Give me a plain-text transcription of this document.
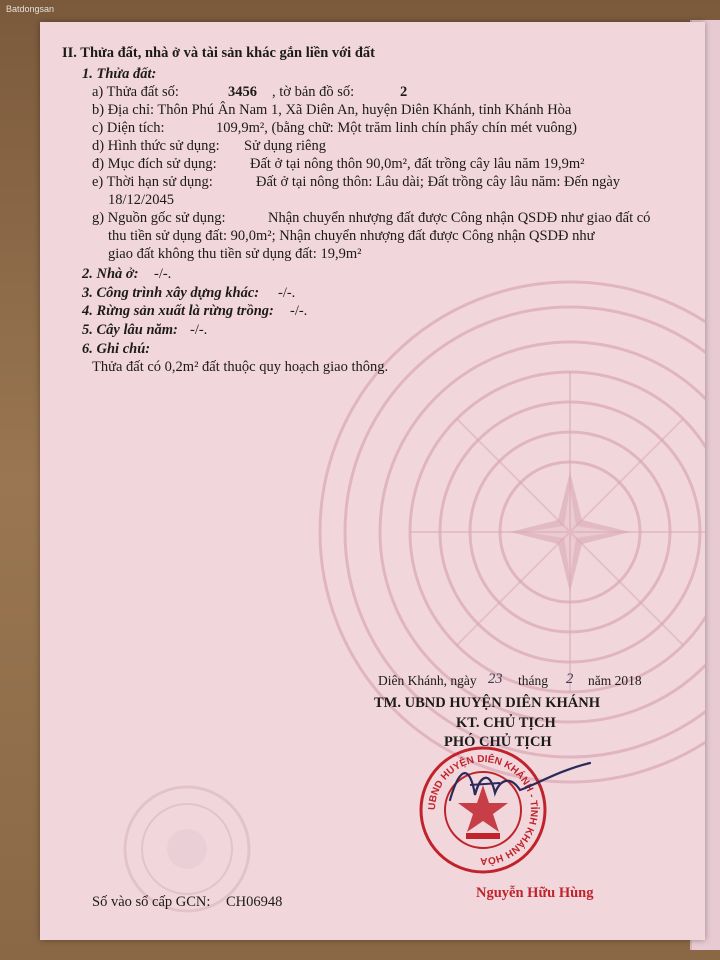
Batdongsan
II. Thửa đất, nhà ở và tài sản khác gắn liền với đất
1. Thửa đất:
a) Thửa đất số:	3456 , tờ bản đồ số:	2
b) Địa chỉ: Thôn Phú Ân Nam 1, Xã Diên An, huyện Diên Khánh, tỉnh Khánh Hòa
c) Diện tích:	109,9m², (bằng chữ: Một trăm linh chín phẩy chín mét vuông)
d) Hình thức sử dụng: Sử dụng riêng
đ) Mục đích sử dụng: Đất ở tại nông thôn 90,0m², đất trồng cây lâu năm 19,9m²
e) Thời hạn sử dụng:	Đất ở tại nông thôn: Lâu dài; Đất trồng cây lâu năm: Đến ngày
18/12/2045
g) Nguồn gốc sử dụng:	Nhận chuyển nhượng đất được Công nhận QSDĐ như giao đất có
thu tiền sử dụng đất: 90,0m²; Nhận chuyển nhượng đất được Công nhận QSDĐ như
giao đất không thu tiền sử dụng đất: 19,9m²
2. Nhà ở: -/-.
3. Công trình xây dựng khác: -/-.
4. Rừng sản xuất là rừng trồng: -/-.
5. Cây lâu năm: -/-.
6. Ghi chú:
Thửa đất có 0,2m² đất thuộc quy hoạch giao thông.
Diên Khánh, ngày 23 tháng 2 năm 2018
TM. UBND HUYỆN DIÊN KHÁNH
KT. CHỦ TỊCH
PHÓ CHỦ TỊCH
UBND HUYỆN DIÊN KHÁNH - TỈNH KHÁNH HÒA
Nguyễn Hữu Hùng
Số vào sổ cấp GCN: CH06948
